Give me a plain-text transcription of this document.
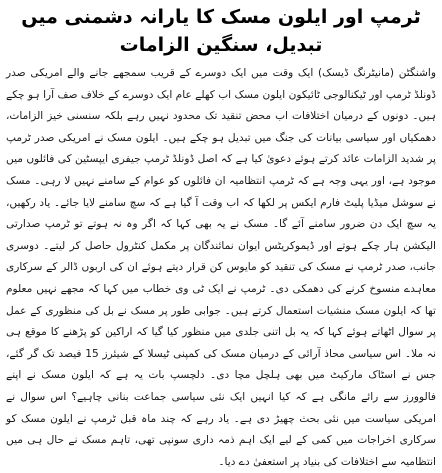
ٹرمپ اور ایلون مسک کا یارانہ دشمنی میں تبدیل، سنگین الزامات

واشنگٹن (مانیٹرنگ ڈیسک) ایک وقت میں ایک دوسرے کے قریب سمجھے جانے والے امریکی صدر ڈونلڈ ٹرمپ اور ٹیکنالوجی ٹائیکون ایلون مسک اب کھلے عام ایک دوسرے کے خلاف صف آرا ہو چکے ہیں۔ دونوں کے درمیان اختلافات اب محض تنقید تک محدود نہیں رہے بلکہ سنسنی خیز الزامات، دھمکیاں اور سیاسی بیانات کی جنگ میں تبدیل ہو چکے ہیں۔ ایلون مسک نے امریکی صدر ٹرمپ پر شدید الزامات عائد کرتے ہوئے دعویٰ کیا ہے کہ اصل ڈونلڈ ٹرمپ جیفری ایپسٹین کی فائلوں میں موجود ہے، اور یہی وجہ ہے کہ ٹرمپ انتظامیہ ان فائلوں کو عوام کے سامنے نہیں لا رہی۔ مسک نے سوشل میڈیا پلیٹ فارم ایکس پر لکھا کہ اب وقت آ گیا ہے کہ سچ سامنے لایا جائے۔ یاد رکھیں، یہ سچ ایک دن ضرور سامنے آئے گا۔ مسک نے یہ بھی کہا کہ اگر وہ نہ ہوتے تو ٹرمپ صدارتی الیکشن ہار چکے ہوتے اور ڈیموکریٹس ایوان نمائندگان پر مکمل کنٹرول حاصل کر لیتے۔ دوسری جانب، صدر ٹرمپ نے مسک کی تنقید کو مایوس کن قرار دیتے ہوئے ان کی اربوں ڈالر کے سرکاری معاہدے منسوخ کرنے کی دھمکی دی۔ ٹرمپ نے ایک ٹی وی خطاب میں کہا کہ مجھے نہیں معلوم تھا کہ ایلون مسک منشیات استعمال کرتے ہیں۔ جوابی طور پر مسک نے بل کی منظوری کے عمل پر سوال اٹھاتے ہوئے کہا کہ یہ بل اتنی جلدی میں منظور کیا گیا کہ اراکین کو پڑھنے کا موقع ہی نہ ملا۔ اس سیاسی محاذ آرائی کے درمیان مسک کی کمپنی ٹیسلا کے شیئرز 15 فیصد تک گر گئے، جس نے اسٹاک مارکیٹ میں بھی ہلچل مچا دی۔ دلچسپ بات یہ ہے کہ ایلون مسک نے اپنے فالوورز سے رائے مانگی ہے کہ کیا انہیں ایک نئی سیاسی جماعت بنانی چاہیے؟ اس سوال نے امریکی سیاست میں نئی بحث چھیڑ دی ہے۔ یاد رہے کہ چند ماہ قبل ٹرمپ نے ایلون مسک کو سرکاری اخراجات میں کمی کے لیے ایک اہم ذمہ داری سونپی تھی، تاہم مسک نے حال ہی میں انتظامیہ سے اختلافات کی بنیاد پر استعفیٰ دے دیا۔
